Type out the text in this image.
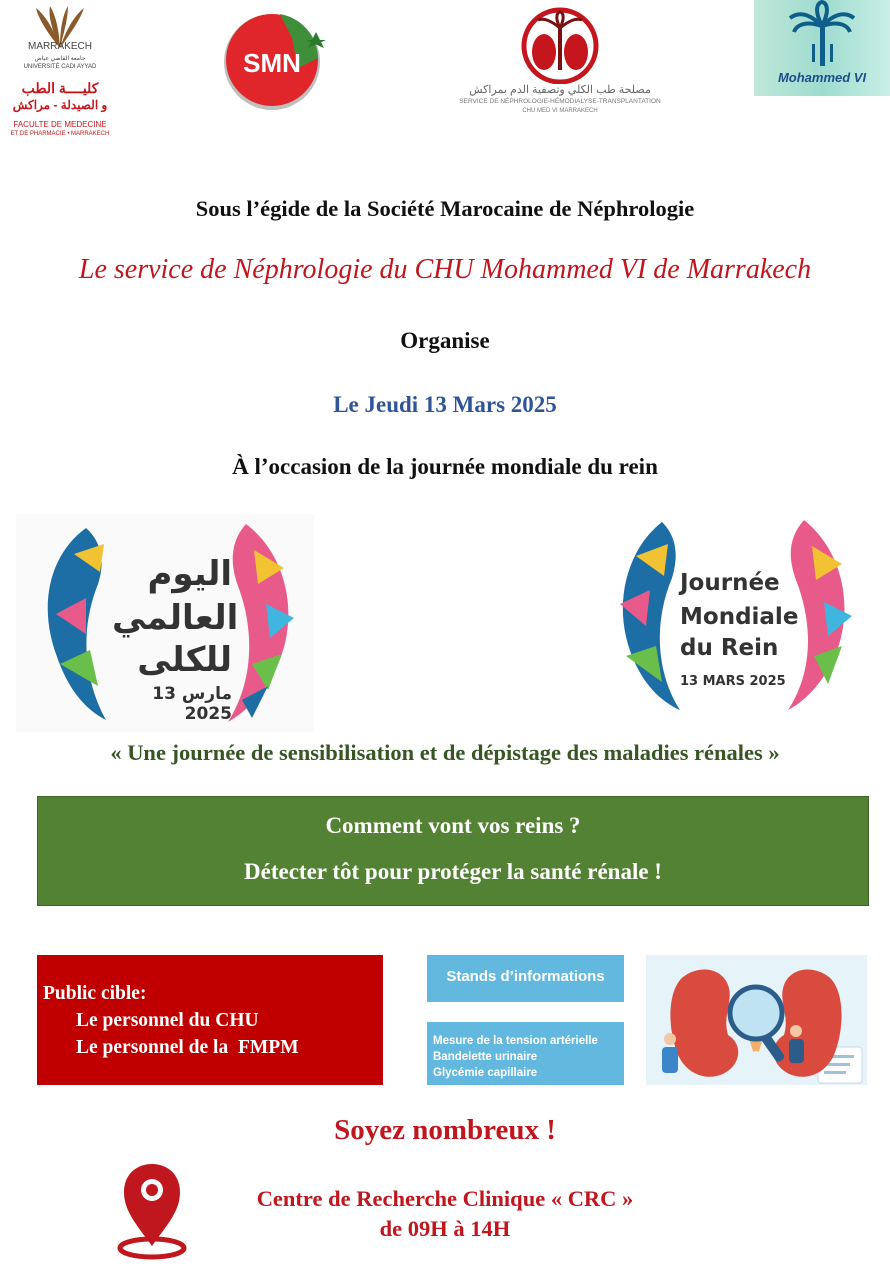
MARRAKECH
جامعة القاضي عياض
UNIVERSITÉ CADI AYYAD
كليــــة الطب
و الصيدلة - مراكش
FACULTE DE MEDECINE
ET DE PHARMACIE • MARRAKECH
SMN
مصلحة طب الكلي وتصفية الدم بمراكش
SERVICE DE NÉPHROLOGIE-HÉMODIALYSE-TRANSPLANTATION
CHU MED VI MARRAKECH
Mohammed VI
Sous l’égide de la Société Marocaine de Néphrologie
Le service de Néphrologie du CHU Mohammed VI de Marrakech
Organise
Le Jeudi 13 Mars 2025
À l’occasion de la journée mondiale du rein
اليوم
العالمي
للكلى
13 مارس 2025
Journée
Mondiale
du Rein
13 MARS 2025
« Une journée de sensibilisation et de dépistage des maladies rénales »
Comment vont vos reins ?
Détecter tôt pour protéger la santé rénale !
Public cible:
Le personnel du CHU
Le personnel de la  FMPM
Stands d’informations
Mesure de la tension artérielle
Bandelette urinaire
Glycémie capillaire
Soyez nombreux !
Centre de Recherche Clinique « CRC »
de 09H à 14H
